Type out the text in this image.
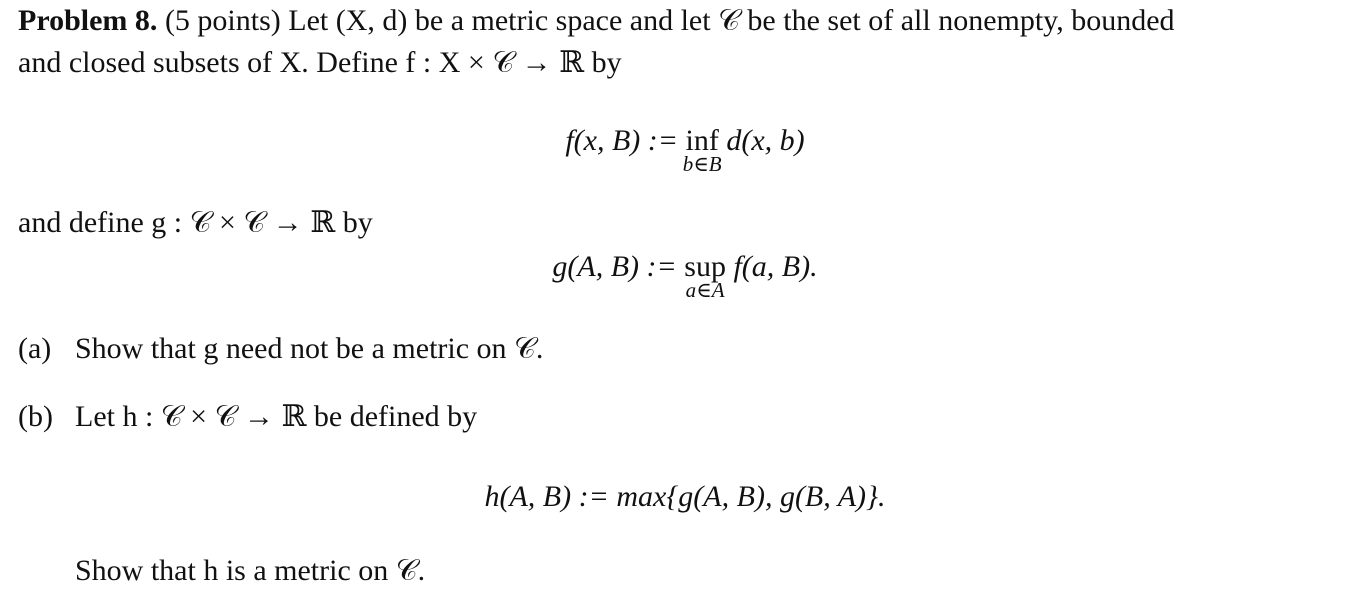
Problem 8. (5 points) Let (X, d) be a metric space and let 𝒞 be the set of all nonempty, bounded
and closed subsets of X. Define f : X × 𝒞 → ℝ by
f(x, B) := inf
b∈B
d(x, b)
and define g : 𝒞 × 𝒞 → ℝ by
g(A, B) := sup
a∈A
f(a, B).
(a) Show that g need not be a metric on 𝒞.
(b) Let h : 𝒞 × 𝒞 → ℝ be defined by
h(A, B) := max{g(A, B), g(B, A)}.
Show that h is a metric on 𝒞.
